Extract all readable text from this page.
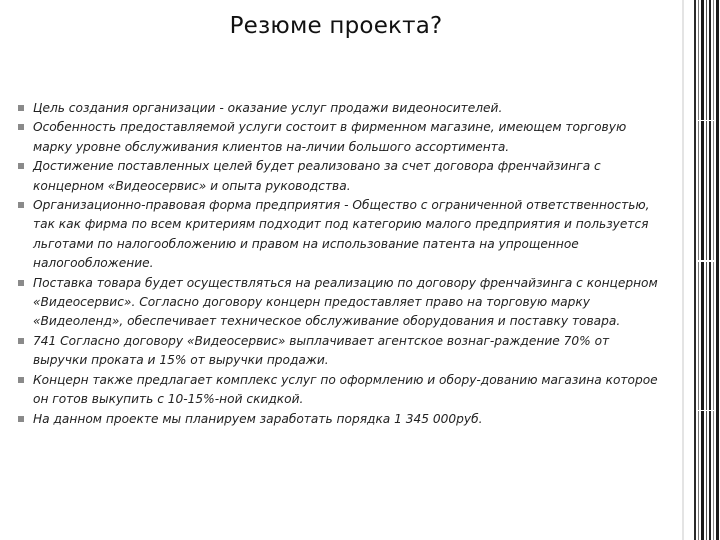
Резюме проекта?
Цель создания организации - оказание услуг продажи видеоносителей.
Особенность предоставляемой услуги состоит в фирменном магазине, имеющем торговую марку уровне обслуживания клиентов на-личии большого ассортимента.
Достижение поставленных целей будет реализовано за счет договора френчайзинга с концерном «Видеосервис» и опыта руководства.
Организационно-правовая форма предприятия - Общество с ограниченной ответственностью, так как фирма по всем критериям подходит под категорию малого предприятия и пользуется льготами по налогообложению и правом на использование патента на упрощенное налогообложение.
Поставка товара будет осуществляться на реализацию по договору френчайзинга с концерном «Видеосервис». Согласно договору концерн предоставляет право на торговую марку «Видеоленд», обеспечивает техническое обслуживание оборудования и поставку товара.
741 Согласно договору «Видеосервис» выплачивает агентское вознаг-раждение 70% от выручки проката и 15% от выручки продажи.
Концерн также предлагает комплекс услуг по оформлению и обору-дованию магазина которое он готов выкупить с 10-15%-ной скидкой.
На данном проекте мы планируем заработать порядка 1 345 000руб.
